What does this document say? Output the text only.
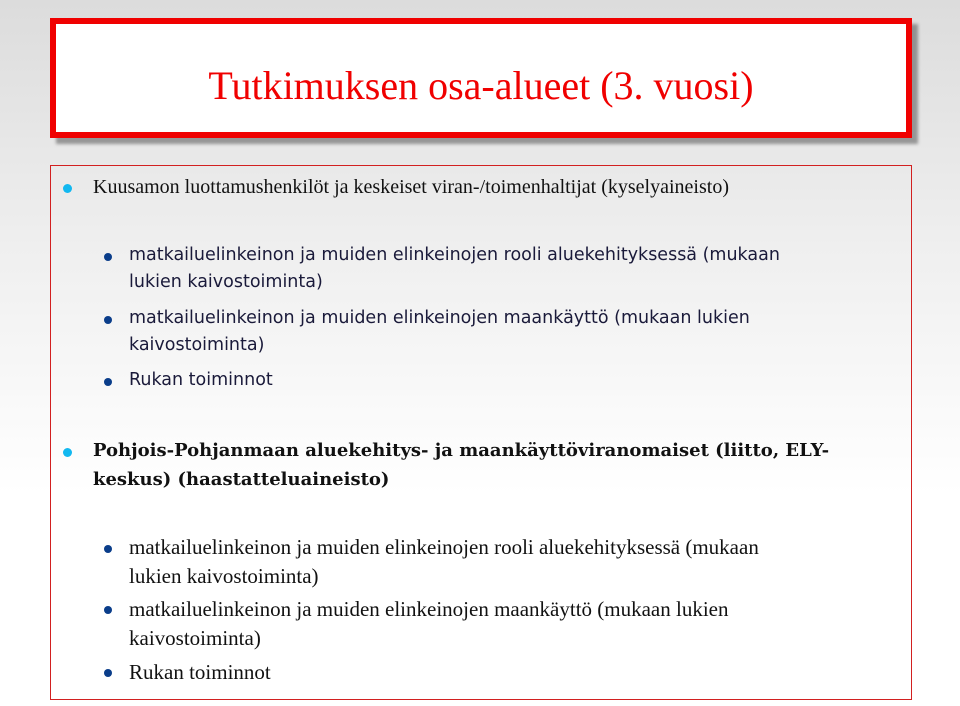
Tutkimuksen osa-alueet (3. vuosi)
Kuusamon luottamushenkilöt ja keskeiset viran-/toimenhaltijat (kyselyaineisto)
matkailuelinkeinon ja muiden elinkeinojen rooli aluekehityksessä (mukaan
lukien kaivostoiminta)
matkailuelinkeinon ja muiden elinkeinojen maankäyttö (mukaan lukien
kaivostoiminta)
Rukan toiminnot
Pohjois-Pohjanmaan aluekehitys- ja maankäyttöviranomaiset (liitto, ELY-
keskus) (haastatteluaineisto)
matkailuelinkeinon ja muiden elinkeinojen rooli aluekehityksessä (mukaan
lukien kaivostoiminta)
matkailuelinkeinon ja muiden elinkeinojen maankäyttö (mukaan lukien
kaivostoiminta)
Rukan toiminnot
